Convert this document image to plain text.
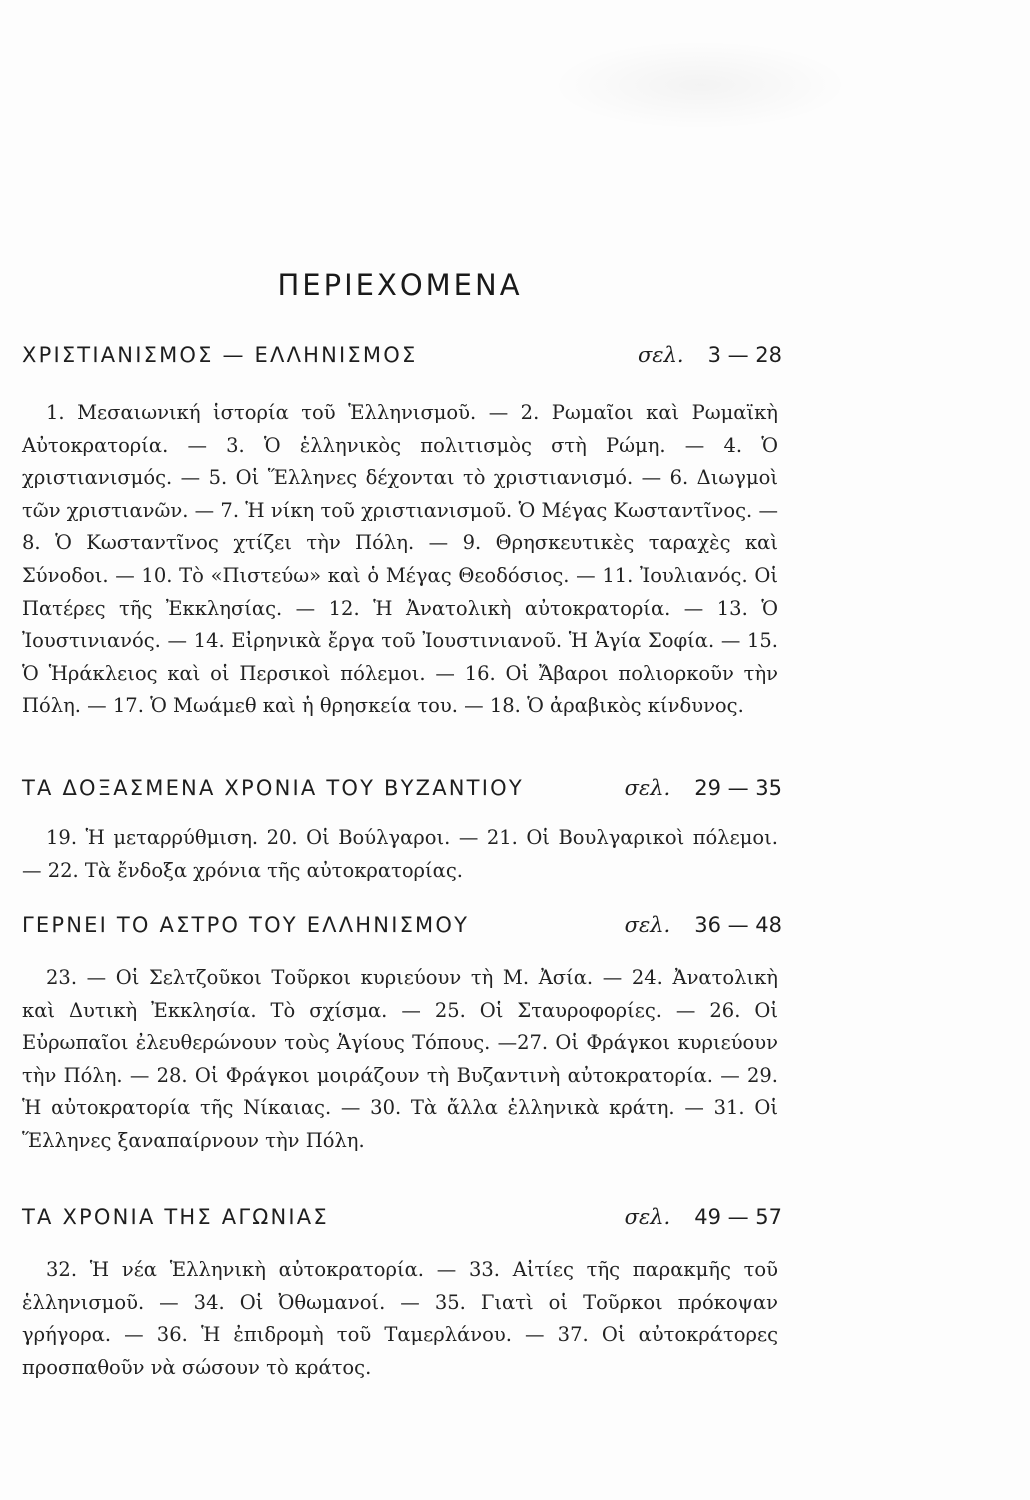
ΠΕΡΙΕΧΟΜΕΝΑ
ΧΡΙΣΤΙΑΝΙΣΜΟΣ — ΕΛΛΗΝΙΣΜΟΣ	σελ. 3 — 28
1. Μεσαιωνική ἱστορία τοῦ Ἑλληνισμοῦ. — 2. Ρωμαῖοι καὶ Ρωμαϊκὴ Αὐτοκρατορία. — 3. Ὁ ἑλληνικὸς πολιτισμὸς στὴ Ρώμη. — 4. Ὁ χριστιανισμός. — 5. Οἱ Ἕλληνες δέχονται τὸ χριστιανισμό. — 6. Διωγμοὶ τῶν χριστιανῶν. — 7. Ἡ νίκη τοῦ χριστιανισμοῦ. Ὁ Μέγας Κωσταντῖνος. — 8. Ὁ Κωσταντῖνος χτίζει τὴν Πόλη. — 9. Θρησκευτικὲς ταραχὲς καὶ Σύνοδοι. — 10. Τὸ «Πιστεύω» καὶ ὁ Μέγας Θεοδόσιος. — 11. Ἰουλιανός. Οἱ Πατέρες τῆς Ἐκκλησίας. — 12. Ἡ Ἀνατολικὴ αὐτοκρατορία. — 13. Ὁ Ἰουστινιανός. — 14. Εἰρηνικὰ ἔργα τοῦ Ἰουστινιανοῦ. Ἡ Ἁγία Σοφία. — 15. Ὁ Ἡράκλειος καὶ οἱ Περσικοὶ πόλεμοι. — 16. Οἱ Ἄβαροι πολιορκοῦν τὴν Πόλη. — 17. Ὁ Μωάμεθ καὶ ἡ θρησκεία του. — 18. Ὁ ἀραβικὸς κίνδυνος.
ΤΑ ΔΟΞΑΣΜΕΝΑ ΧΡΟΝΙΑ ΤΟΥ ΒΥΖΑΝΤΙΟΥ	σελ. 29 — 35
19. Ἡ μεταρρύθμιση. 20. Οἱ Βούλγαροι. — 21. Οἱ Βουλγαρικοὶ πόλεμοι. — 22. Τὰ ἔνδοξα χρόνια τῆς αὐτοκρατορίας.
ΓΕΡΝΕΙ ΤΟ ΑΣΤΡΟ ΤΟΥ ΕΛΛΗΝΙΣΜΟΥ	σελ. 36 — 48
23. — Οἱ Σελτζοῦκοι Τοῦρκοι κυριεύουν τὴ Μ. Ἀσία. — 24. Ἀνατολικὴ καὶ Δυτικὴ Ἐκκλησία. Τὸ σχίσμα. — 25. Οἱ Σταυροφορίες. — 26. Οἱ Εὐρωπαῖοι ἐλευθερώνουν τοὺς Ἁγίους Τόπους. —27. Οἱ Φράγκοι κυριεύουν τὴν Πόλη. — 28. Οἱ Φράγκοι μοιράζουν τὴ Βυζαντινὴ αὐτοκρατορία. — 29. Ἡ αὐτοκρατορία τῆς Νίκαιας. — 30. Τὰ ἄλλα ἑλληνικὰ κράτη. — 31. Οἱ Ἕλληνες ξαναπαίρνουν τὴν Πόλη.
ΤΑ ΧΡΟΝΙΑ ΤΗΣ ΑΓΩΝΙΑΣ	σελ. 49 — 57
32. Ἡ νέα Ἑλληνικὴ αὐτοκρατορία. — 33. Αἰτίες τῆς παρακμῆς τοῦ ἑλληνισμοῦ. — 34. Οἱ Ὀθωμανοί. — 35. Γιατὶ οἱ Τοῦρκοι πρόκοψαν γρήγορα. — 36. Ἡ ἐπιδρομὴ τοῦ Ταμερλάνου. — 37. Οἱ αὐτοκράτορες προσπαθοῦν νὰ σώσουν τὸ κράτος.
